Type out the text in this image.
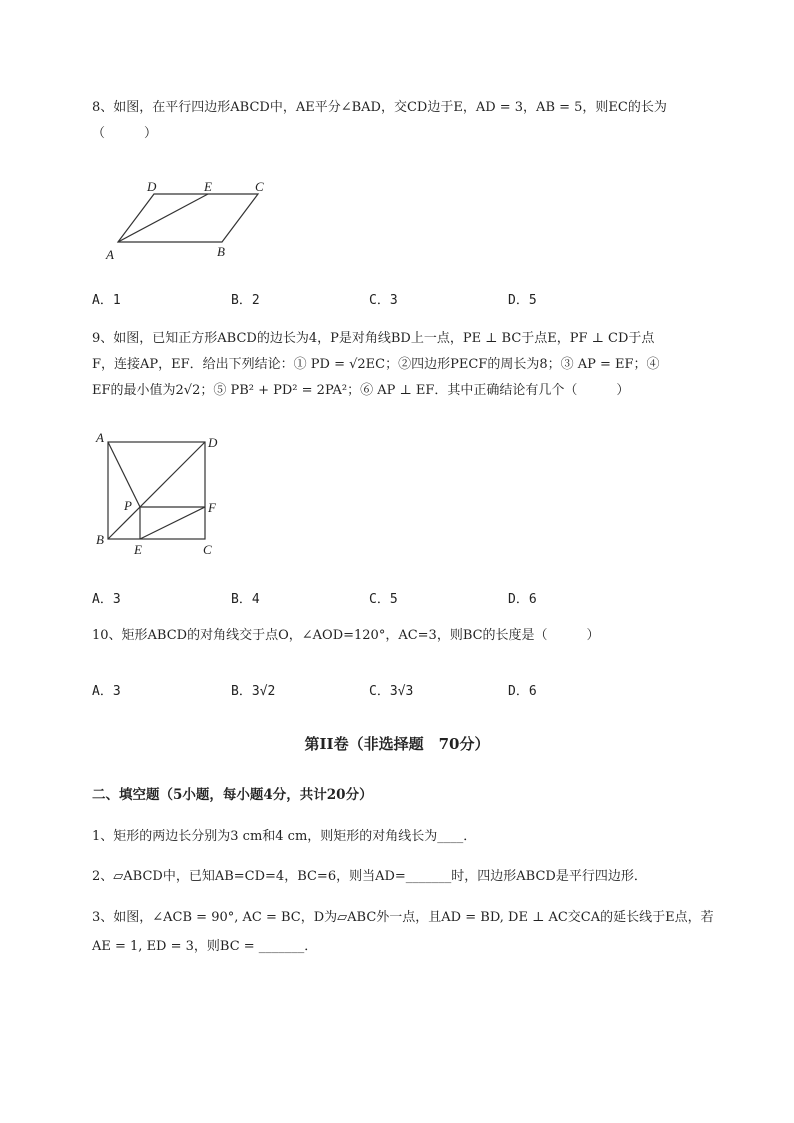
8、如图，在平行四边形ABCD中，AE平分∠BAD，交CD边于E，AD = 3，AB = 5，则EC的长为
（　　　）
A	B
C
D	E
A．1	B．2	C．3	D．5
9、如图，已知正方形ABCD的边长为4，P是对角线BD上一点，PE ⊥ BC于点E，PF ⊥ CD于点
F，连接AP，EF．给出下列结论：① PD = √2EC；②四边形PECF的周长为8；③ AP = EF；④
EF的最小值为2√2；⑤ PB² + PD² = 2PA²；⑥ AP ⊥ EF．其中正确结论有几个（　　　）
A
B
C
D
E
F
P
A．3	B．4	C．5	D．6
10、矩形ABCD的对角线交于点O，∠AOD=120°，AC=3，则BC的长度是（　　　）
A．3	B．3√2	C．3√3	D．6
第II卷（非选择题　70分）
二、填空题（5小题，每小题4分，共计20分）
1、矩形的两边长分别为3 cm和4 cm，则矩形的对角线长为____．
2、▱ABCD中，已知AB=CD=4，BC=6，则当AD=_______时，四边形ABCD是平行四边形．
3、如图，∠ACB = 90°, AC = BC，D为▱ABC外一点，且AD = BD, DE ⊥ AC交CA的延长线于E点，若
AE = 1, ED = 3，则BC = _______．
